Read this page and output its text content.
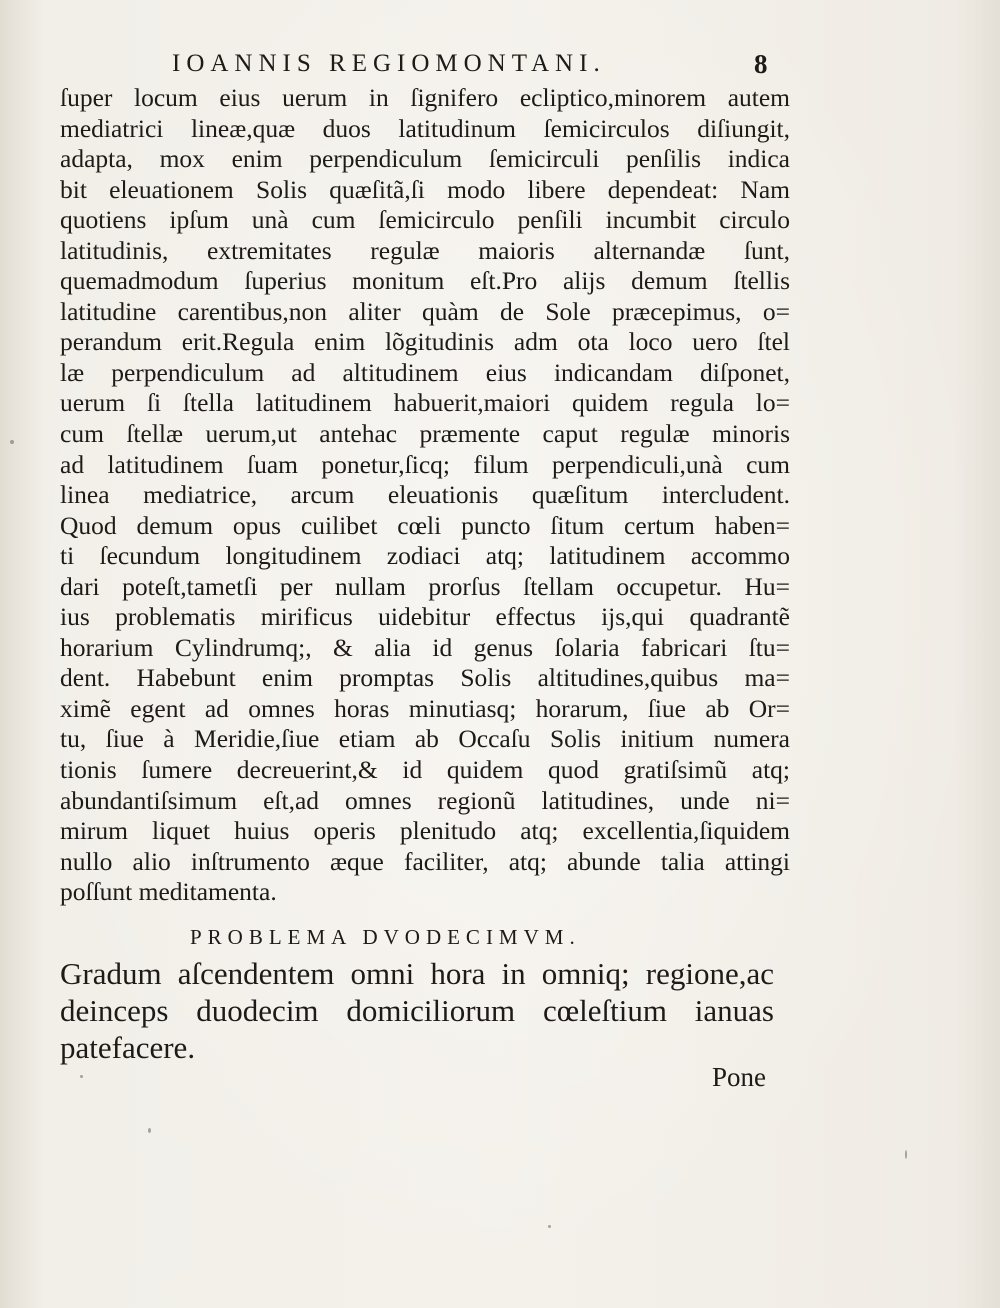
IOANNIS REGIOMONTANI.	8
ſuper locum eius uerum in ſignifero ecliptico,minorem autem
mediatrici lineæ,quæ duos latitudinum ſemicirculos diſiungit,
adapta, mox enim perpendiculum ſemicirculi penſilis indica
bit eleuationem Solis quæſitã,ſi modo libere dependeat: Nam
quotiens ipſum unà cum ſemicirculo penſili incumbit circulo
latitudinis, extremitates regulæ maioris alternandæ ſunt,
quemadmodum ſuperius monitum eſt.Pro alijs demum ſtellis
latitudine carentibus,non aliter quàm de Sole præcepimus, o=
perandum erit.Regula enim lõgitudinis adm ota loco uero ſtel
læ perpendiculum ad altitudinem eius indicandam diſponet,
uerum ſi ſtella latitudinem habuerit,maiori quidem regula lo=
cum ſtellæ uerum,ut antehac præmente caput regulæ minoris
ad latitudinem ſuam ponetur,ſicq; filum perpendiculi,unà cum
linea mediatrice, arcum eleuationis quæſitum intercludent.
Quod demum opus cuilibet cœli puncto ſitum certum haben=
ti ſecundum longitudinem zodiaci atq; latitudinem accommo
dari poteſt,tametſi per nullam prorſus ſtellam occupetur. Hu=
ius problematis mirificus uidebitur effectus ijs,qui quadrantẽ
horarium Cylindrumq;, & alia id genus ſolaria fabricari ſtu=
dent. Habebunt enim promptas Solis altitudines,quibus ma=
ximẽ egent ad omnes horas minutiasq; horarum, ſiue ab Or=
tu, ſiue à Meridie,ſiue etiam ab Occaſu Solis initium numera
tionis ſumere decreuerint,& id quidem quod gratiſsimũ atq;
abundantiſsimum eſt,ad omnes regionũ latitudines, unde ni=
mirum liquet huius operis plenitudo atq; excellentia,ſiquidem
nullo alio inſtrumento æque faciliter, atq; abunde talia attingi
poſſunt meditamenta.
PROBLEMA DVODECIMVM.
Gradum aſcendentem omni hora in omniq; regione,ac
deinceps duodecim domiciliorum cœleſtium ianuas
patefacere.
Pone
